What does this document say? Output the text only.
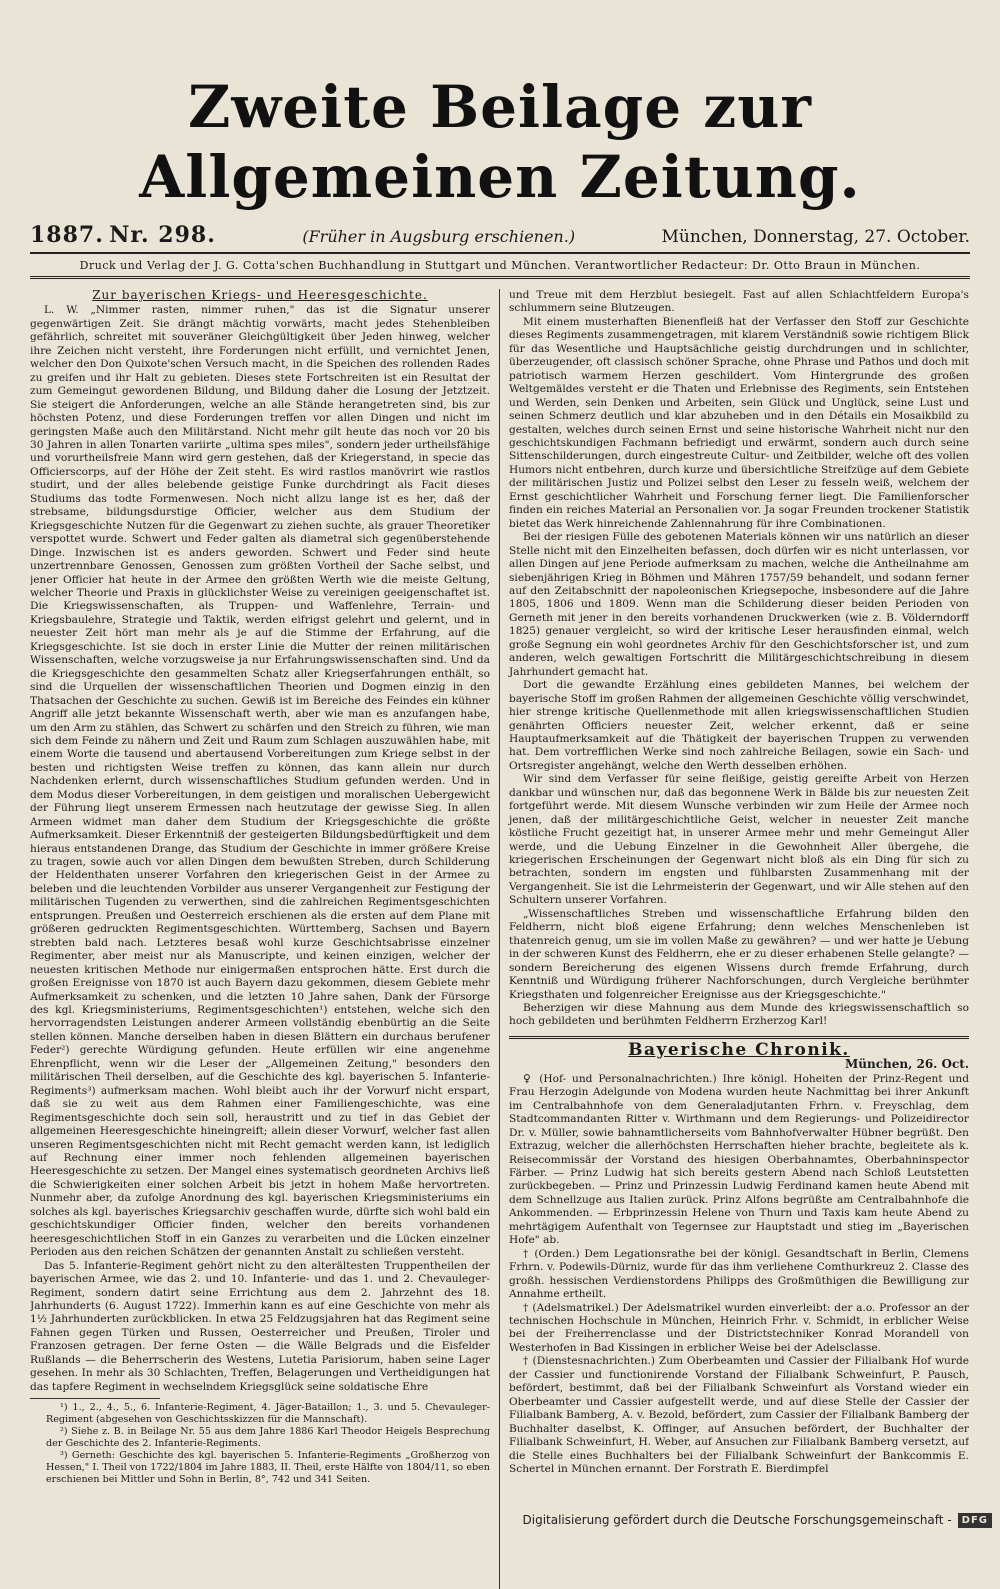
Zweite Beilage zur Allgemeinen Zeitung.
1887. Nr. 298.	(Früher in Augsburg erschienen.)	München, Donnerstag, 27. October.
Druck und Verlag der J. G. Cotta'schen Buchhandlung in Stuttgart und München. Verantwortlicher Redacteur: Dr. Otto Braun in München.
Zur bayerischen Kriegs- und Heeresgeschichte.

L. W. „Nimmer rasten, nimmer ruhen," das ist die Signatur unserer gegenwärtigen Zeit. Sie drängt mächtig vorwärts, macht jedes Stehenbleiben gefährlich, schreitet mit souveräner Gleichgültigkeit über Jeden hinweg, welcher ihre Zeichen nicht versteht, ihre Forderungen nicht erfüllt, und vernichtet Jenen, welcher den Don Quixote'schen Versuch macht, in die Speichen des rollenden Rades zu greifen und ihr Halt zu gebieten. Dieses stete Fortschreiten ist ein Resultat der zum Gemeingut gewordenen Bildung, und Bildung daher die Losung der Jetztzeit. Sie steigert die Anforderungen, welche an alle Stände herangetreten sind, bis zur höchsten Potenz, und diese Forderungen treffen vor allen Dingen und nicht im geringsten Maße auch den Militärstand. Nicht mehr gilt heute das noch vor 20 bis 30 Jahren in allen Tonarten variirte „ultima spes miles", sondern jeder urtheilsfähige und vorurtheilsfreie Mann wird gern gestehen, daß der Kriegerstand, in specie das Officierscorps, auf der Höhe der Zeit steht. Es wird rastlos manövrirt wie rastlos studirt, und der alles belebende geistige Funke durchdringt als Facit dieses Studiums das todte Formenwesen. Noch nicht allzu lange ist es her, daß der strebsame, bildungsdurstige Officier, welcher aus dem Studium der Kriegsgeschichte Nutzen für die Gegenwart zu ziehen suchte, als grauer Theoretiker verspottet wurde. Schwert und Feder galten als diametral sich gegenüberstehende Dinge. Inzwischen ist es anders geworden. Schwert und Feder sind heute unzertrennbare Genossen, Genossen zum größten Vortheil der Sache selbst, und jener Officier hat heute in der Armee den größten Werth wie die meiste Geltung, welcher Theorie und Praxis in glücklichster Weise zu vereinigen geeigenschaftet ist. Die Kriegswissenschaften, als Truppen- und Waffenlehre, Terrain- und Kriegsbaulehre, Strategie und Taktik, werden eifrigst gelehrt und gelernt, und in neuester Zeit hört man mehr als je auf die Stimme der Erfahrung, auf die Kriegsgeschichte. Ist sie doch in erster Linie die Mutter der reinen militärischen Wissenschaften, welche vorzugsweise ja nur Erfahrungswissenschaften sind. Und da die Kriegsgeschichte den gesammelten Schatz aller Kriegserfahrungen enthält, so sind die Urquellen der wissenschaftlichen Theorien und Dogmen einzig in den Thatsachen der Geschichte zu suchen. Gewiß ist im Bereiche des Feindes ein kühner Angriff alle jetzt bekannte Wissenschaft werth, aber wie man es anzufangen habe, um den Arm zu stählen, das Schwert zu schärfen und den Streich zu führen, wie man sich dem Feinde zu nähern und Zeit und Raum zum Schlagen auszuwählen habe, mit einem Worte die tausend und abertausend Vorbereitungen zum Kriege selbst in der besten und richtigsten Weise treffen zu können, das kann allein nur durch Nachdenken erlernt, durch wissenschaftliches Studium gefunden werden. Und in dem Modus dieser Vorbereitungen, in dem geistigen und moralischen Uebergewicht der Führung liegt unserem Ermessen nach heutzutage der gewisse Sieg. In allen Armeen widmet man daher dem Studium der Kriegsgeschichte die größte Aufmerksamkeit. Dieser Erkenntniß der gesteigerten Bildungsbedürftigkeit und dem hieraus entstandenen Drange, das Studium der Geschichte in immer größere Kreise zu tragen, sowie auch vor allen Dingen dem bewußten Streben, durch Schilderung der Heldenthaten unserer Vorfahren den kriegerischen Geist in der Armee zu beleben und die leuchtenden Vorbilder aus unserer Vergangenheit zur Festigung der militärischen Tugenden zu verwerthen, sind die zahlreichen Regimentsgeschichten entsprungen. Preußen und Oesterreich erschienen als die ersten auf dem Plane mit größeren gedruckten Regimentsgeschichten. Württemberg, Sachsen und Bayern strebten bald nach. Letzteres besaß wohl kurze Geschichtsabrisse einzelner Regimenter, aber meist nur als Manuscripte, und keinen einzigen, welcher der neuesten kritischen Methode nur einigermaßen entsprochen hätte. Erst durch die großen Ereignisse von 1870 ist auch Bayern dazu gekommen, diesem Gebiete mehr Aufmerksamkeit zu schenken, und die letzten 10 Jahre sahen, Dank der Fürsorge des kgl. Kriegsministeriums, Regimentsgeschichten¹) entstehen, welche sich den hervorragendsten Leistungen anderer Armeen vollständig ebenbürtig an die Seite stellen können. Manche derselben haben in diesen Blättern ein durchaus berufener Feder²) gerechte Würdigung gefunden. Heute erfüllen wir eine angenehme Ehrenpflicht, wenn wir die Leser der „Allgemeinen Zeitung," besonders den militärischen Theil derselben, auf die Geschichte des kgl. bayerischen 5. Infanterie-Regiments³) aufmerksam machen. Wohl bleibt auch ihr der Vorwurf nicht erspart, daß sie zu weit aus dem Rahmen einer Familiengeschichte, was eine Regimentsgeschichte doch sein soll, heraustritt und zu tief in das Gebiet der allgemeinen Heeresgeschichte hineingreift; allein dieser Vorwurf, welcher fast allen unseren Regimentsgeschichten nicht mit Recht gemacht werden kann, ist lediglich auf Rechnung einer immer noch fehlenden allgemeinen bayerischen Heeresgeschichte zu setzen. Der Mangel eines systematisch geordneten Archivs ließ die Schwierigkeiten einer solchen Arbeit bis jetzt in hohem Maße hervortreten. Nunmehr aber, da zufolge Anordnung des kgl. bayerischen Kriegsministeriums ein solches als kgl. bayerisches Kriegsarchiv geschaffen wurde, dürfte sich wohl bald ein geschichtskundiger Officier finden, welcher den bereits vorhandenen heeresgeschichtlichen Stoff in ein Ganzes zu verarbeiten und die Lücken einzelner Perioden aus den reichen Schätzen der genannten Anstalt zu schließen versteht.

Das 5. Infanterie-Regiment gehört nicht zu den alterältesten Truppentheilen der bayerischen Armee, wie das 2. und 10. Infanterie- und das 1. und 2. Chevauleger-Regiment, sondern datirt seine Errichtung aus dem 2. Jahrzehnt des 18. Jahrhunderts (6. August 1722). Immerhin kann es auf eine Geschichte von mehr als 1½ Jahrhunderten zurückblicken. In etwa 25 Feldzugsjahren hat das Regiment seine Fahnen gegen Türken und Russen, Oesterreicher und Preußen, Tiroler und Franzosen getragen. Der ferne Osten — die Wälle Belgrads und die Eisfelder Rußlands — die Beherrscherin des Westens, Lutetia Parisiorum, haben seine Lager gesehen. In mehr als 30 Schlachten, Treffen, Belagerungen und Vertheidigungen hat das tapfere Regiment in wechselndem Kriegsglück seine soldatische Ehre

¹) 1., 2., 4., 5., 6. Infanterie-Regiment, 4. Jäger-Bataillon; 1., 3. und 5. Chevauleger-Regiment (abgesehen von Geschichtsskizzen für die Mannschaft).

²) Siehe z. B. in Beilage Nr. 55 aus dem Jahre 1886 Karl Theodor Heigels Besprechung der Geschichte des 2. Infanterie-Regiments.

³) Gerneth: Geschichte des kgl. bayerischen 5. Infanterie-Regiments „Großherzog von Hessen," I. Theil von 1722/1804 im Jahre 1883, II. Theil, erste Hälfte von 1804/11, so eben erschienen bei Mittler und Sohn in Berlin, 8°, 742 und 341 Seiten.

und Treue mit dem Herzblut besiegelt. Fast auf allen Schlachtfeldern Europa's schlummern seine Blutzeugen.

Mit einem musterhaften Bienenfleiß hat der Verfasser den Stoff zur Geschichte dieses Regiments zusammengetragen, mit klarem Verständniß sowie richtigem Blick für das Wesentliche und Hauptsächliche geistig durchdrungen und in schlichter, überzeugender, oft classisch schöner Sprache, ohne Phrase und Pathos und doch mit patriotisch warmem Herzen geschildert. Vom Hintergrunde des großen Weltgemäldes versteht er die Thaten und Erlebnisse des Regiments, sein Entstehen und Werden, sein Denken und Arbeiten, sein Glück und Unglück, seine Lust und seinen Schmerz deutlich und klar abzuheben und in den Détails ein Mosaikbild zu gestalten, welches durch seinen Ernst und seine historische Wahrheit nicht nur den geschichtskundigen Fachmann befriedigt und erwärmt, sondern auch durch seine Sittenschilderungen, durch eingestreute Cultur- und Zeitbilder, welche oft des vollen Humors nicht entbehren, durch kurze und übersichtliche Streifzüge auf dem Gebiete der militärischen Justiz und Polizei selbst den Leser zu fesseln weiß, welchem der Ernst geschichtlicher Wahrheit und Forschung ferner liegt. Die Familienforscher finden ein reiches Material an Personalien vor. Ja sogar Freunden trockener Statistik bietet das Werk hinreichende Zahlennahrung für ihre Combinationen.

Bei der riesigen Fülle des gebotenen Materials können wir uns natürlich an dieser Stelle nicht mit den Einzelheiten befassen, doch dürfen wir es nicht unterlassen, vor allen Dingen auf jene Periode aufmerksam zu machen, welche die Antheilnahme am siebenjährigen Krieg in Böhmen und Mähren 1757/59 behandelt, und sodann ferner auf den Zeitabschnitt der napoleonischen Kriegsepoche, insbesondere auf die Jahre 1805, 1806 und 1809. Wenn man die Schilderung dieser beiden Perioden von Gerneth mit jener in den bereits vorhandenen Druckwerken (wie z. B. Völderndorff 1825) genauer vergleicht, so wird der kritische Leser herausfinden einmal, welch große Segnung ein wohl geordnetes Archiv für den Geschichtsforscher ist, und zum anderen, welch gewaltigen Fortschritt die Militärgeschichtschreibung in diesem Jahrhundert gemacht hat.

Dort die gewandte Erzählung eines gebildeten Mannes, bei welchem der bayerische Stoff im großen Rahmen der allgemeinen Geschichte völlig verschwindet, hier strenge kritische Quellenmethode mit allen kriegswissenschaftlichen Studien genährten Officiers neuester Zeit, welcher erkennt, daß er seine Hauptaufmerksamkeit auf die Thätigkeit der bayerischen Truppen zu verwenden hat. Dem vortrefflichen Werke sind noch zahlreiche Beilagen, sowie ein Sach- und Ortsregister angehängt, welche den Werth desselben erhöhen.

Wir sind dem Verfasser für seine fleißige, geistig gereifte Arbeit von Herzen dankbar und wünschen nur, daß das begonnene Werk in Bälde bis zur neuesten Zeit fortgeführt werde. Mit diesem Wunsche verbinden wir zum Heile der Armee noch jenen, daß der militärgeschichtliche Geist, welcher in neuester Zeit manche köstliche Frucht gezeitigt hat, in unserer Armee mehr und mehr Gemeingut Aller werde, und die Uebung Einzelner in die Gewohnheit Aller übergehe, die kriegerischen Erscheinungen der Gegenwart nicht bloß als ein Ding für sich zu betrachten, sondern im engsten und fühlbarsten Zusammenhang mit der Vergangenheit. Sie ist die Lehrmeisterin der Gegenwart, und wir Alle stehen auf den Schultern unserer Vorfahren.

„Wissenschaftliches Streben und wissenschaftliche Erfahrung bilden den Feldherrn, nicht bloß eigene Erfahrung; denn welches Menschenleben ist thatenreich genug, um sie im vollen Maße zu gewähren? — und wer hatte je Uebung in der schweren Kunst des Feldherrn, ehe er zu dieser erhabenen Stelle gelangte? — sondern Bereicherung des eigenen Wissens durch fremde Erfahrung, durch Kenntniß und Würdigung früherer Nachforschungen, durch Vergleiche berühmter Kriegsthaten und folgenreicher Ereignisse aus der Kriegsgeschichte."

Beherzigen wir diese Mahnung aus dem Munde des kriegswissenschaftlich so hoch gebildeten und berühmten Feldherrn Erzherzog Karl!

Bayerische Chronik.
München, 26. Oct.

♀ (Hof- und Personalnachrichten.) Ihre königl. Hoheiten der Prinz-Regent und Frau Herzogin Adelgunde von Modena wurden heute Nachmittag bei ihrer Ankunft im Centralbahnhofe von dem Generaladjutanten Frhrn. v. Freyschlag, dem Stadtcommandanten Ritter v. Wirthmann und dem Regierungs- und Polizeidirector Dr. v. Müller, sowie bahnamtlicherseits vom Bahnhofverwalter Hübner begrüßt. Den Extrazug, welcher die allerhöchsten Herrschaften hieher brachte, begleitete als k. Reisecommissär der Vorstand des hiesigen Oberbahnamtes, Oberbahninspector Färber. — Prinz Ludwig hat sich bereits gestern Abend nach Schloß Leutstetten zurückbegeben. — Prinz und Prinzessin Ludwig Ferdinand kamen heute Abend mit dem Schnellzuge aus Italien zurück. Prinz Alfons begrüßte am Centralbahnhofe die Ankommenden. — Erbprinzessin Helene von Thurn und Taxis kam heute Abend zu mehrtägigem Aufenthalt von Tegernsee zur Hauptstadt und stieg im „Bayerischen Hofe" ab.

† (Orden.) Dem Legationsrathe bei der königl. Gesandtschaft in Berlin, Clemens Frhrn. v. Podewils-Dürniz, wurde für das ihm verliehene Comthurkreuz 2. Classe des großh. hessischen Verdienstordens Philipps des Großmüthigen die Bewilligung zur Annahme ertheilt.

† (Adelsmatrikel.) Der Adelsmatrikel wurden einverleibt: der a.o. Professor an der technischen Hochschule in München, Heinrich Frhr. v. Schmidt, in erblicher Weise bei der Freiherrenclasse und der Districtstechniker Konrad Morandell von Westerhofen in Bad Kissingen in erblicher Weise bei der Adelsclasse.

† (Dienstesnachrichten.) Zum Oberbeamten und Cassier der Filialbank Hof wurde der Cassier und functionirende Vorstand der Filialbank Schweinfurt, P. Pausch, befördert, bestimmt, daß bei der Filialbank Schweinfurt als Vorstand wieder ein Oberbeamter und Cassier aufgestellt werde, und auf diese Stelle der Cassier der Filialbank Bamberg, A. v. Bezold, befördert, zum Cassier der Filialbank Bamberg der Buchhalter daselbst, K. Offinger, auf Ansuchen befördert, der Buchhalter der Filialbank Schweinfurt, H. Weber, auf Ansuchen zur Filialbank Bamberg versetzt, auf die Stelle eines Buchhalters bei der Filialbank Schweinfurt der Bankcommis E. Schertel in München ernannt. Der Forstrath E. Bierdimpfel

Digitalisierung gefördert durch die Deutsche Forschungsgemeinschaft -	DFG
